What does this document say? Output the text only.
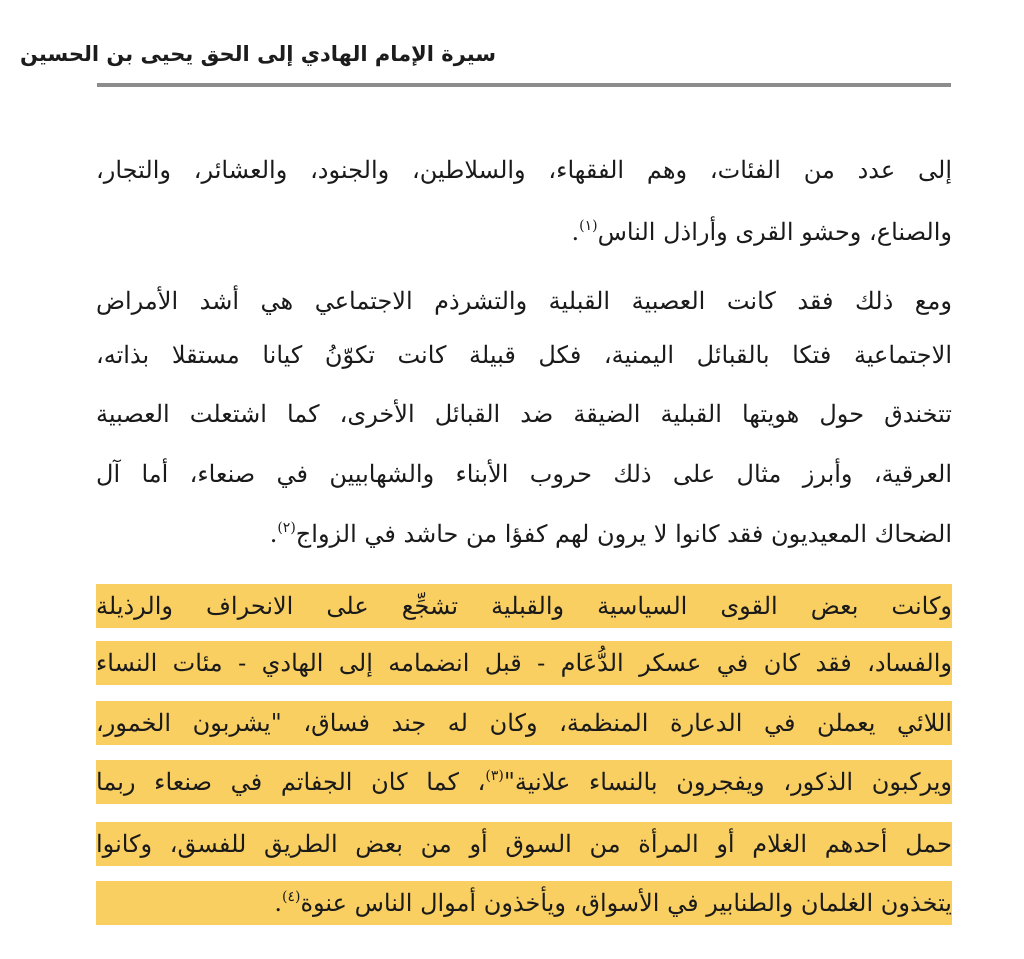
سيرة الإمام الهادي إلى الحق يحيى بن الحسين
إلى عدد من الفئات، وهم الفقهاء، والسلاطين، والجنود، والعشائر، والتجار،
والصناع، وحشو القرى وأراذل الناس$^{(١)}$.
ومع ذلك فقد كانت العصبية القبلية والتشرذم الاجتماعي هي أشد الأمراض
الاجتماعية فتكا بالقبائل اليمنية، فكل قبيلة كانت تكوّنُ كيانا مستقلا بذاته،
تتخندق حول هويتها القبلية الضيقة ضد القبائل الأخرى، كما اشتعلت العصبية
العرقية، وأبرز مثال على ذلك حروب الأبناء والشهابيين في صنعاء، أما آل
الضحاك المعيديون فقد كانوا لا يرون لهم كفؤا من حاشد في الزواج$^{(٢)}$.
وكانت بعض القوى السياسية والقبلية تشجِّع على الانحراف والرذيلة
والفساد، فقد كان في عسكر الدُّعَام - قبل انضمامه إلى الهادي - مئات النساء
اللائي يعملن في الدعارة المنظمة، وكان له جند فساق، "يشربون الخمور،
ويركبون الذكور، ويفجرون بالنساء علانية"$^{(٣)}$، كما كان الجفاتم في صنعاء ربما
حمل أحدهم الغلام أو المرأة من السوق أو من بعض الطريق للفسق، وكانوا
يتخذون الغلمان والطنابير في الأسواق، ويأخذون أموال الناس عنوة$^{(٤)}$.
